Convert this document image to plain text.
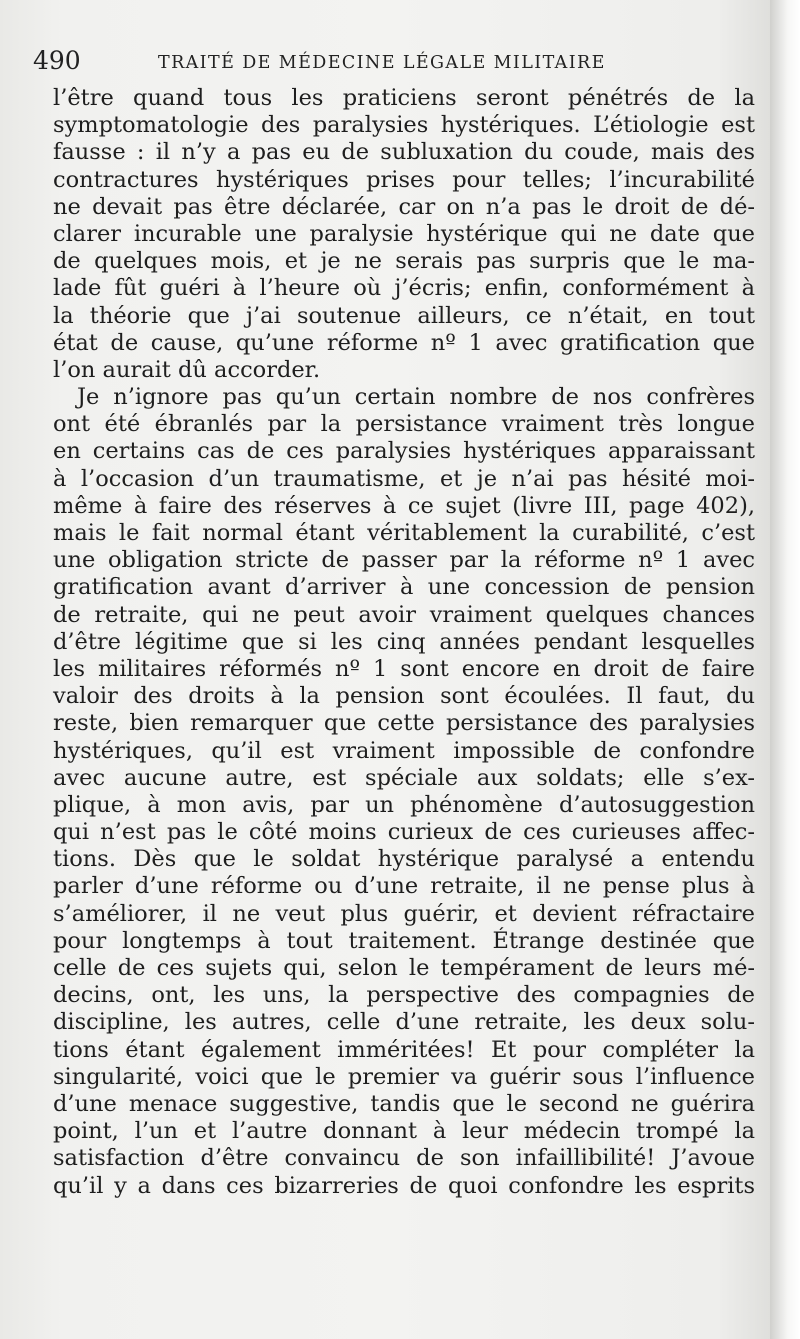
490	TRAITÉ DE MÉDECINE LÉGALE MILITAIRE
l’être quand tous les praticiens seront pénétrés de la
symptomatologie des paralysies hystériques. L’étiologie est
fausse : il n’y a pas eu de subluxation du coude, mais des
contractures hystériques prises pour telles; l’incurabilité
ne devait pas être déclarée, car on n’a pas le droit de dé-
clarer incurable une paralysie hystérique qui ne date que
de quelques mois, et je ne serais pas surpris que le ma-
lade fût guéri à l’heure où j’écris; enfin, conformément à
la théorie que j’ai soutenue ailleurs, ce n’était, en tout
état de cause, qu’une réforme nº 1 avec gratification que
l’on aurait dû accorder.
Je n’ignore pas qu’un certain nombre de nos confrères
ont été ébranlés par la persistance vraiment très longue
en certains cas de ces paralysies hystériques apparaissant
à l’occasion d’un traumatisme, et je n’ai pas hésité moi-
même à faire des réserves à ce sujet (livre III, page 402),
mais le fait normal étant véritablement la curabilité, c’est
une obligation stricte de passer par la réforme nº 1 avec
gratification avant d’arriver à une concession de pension
de retraite, qui ne peut avoir vraiment quelques chances
d’être légitime que si les cinq années pendant lesquelles
les militaires réformés nº 1 sont encore en droit de faire
valoir des droits à la pension sont écoulées. Il faut, du
reste, bien remarquer que cette persistance des paralysies
hystériques, qu’il est vraiment impossible de confondre
avec aucune autre, est spéciale aux soldats; elle s’ex-
plique, à mon avis, par un phénomène d’autosuggestion
qui n’est pas le côté moins curieux de ces curieuses affec-
tions. Dès que le soldat hystérique paralysé a entendu
parler d’une réforme ou d’une retraite, il ne pense plus à
s’améliorer, il ne veut plus guérir, et devient réfractaire
pour longtemps à tout traitement. Étrange destinée que
celle de ces sujets qui, selon le tempérament de leurs mé-
decins, ont, les uns, la perspective des compagnies de
discipline, les autres, celle d’une retraite, les deux solu-
tions étant également imméritées! Et pour compléter la
singularité, voici que le premier va guérir sous l’influence
d’une menace suggestive, tandis que le second ne guérira
point, l’un et l’autre donnant à leur médecin trompé la
satisfaction d’être convaincu de son infaillibilité! J’avoue
qu’il y a dans ces bizarreries de quoi confondre les esprits
